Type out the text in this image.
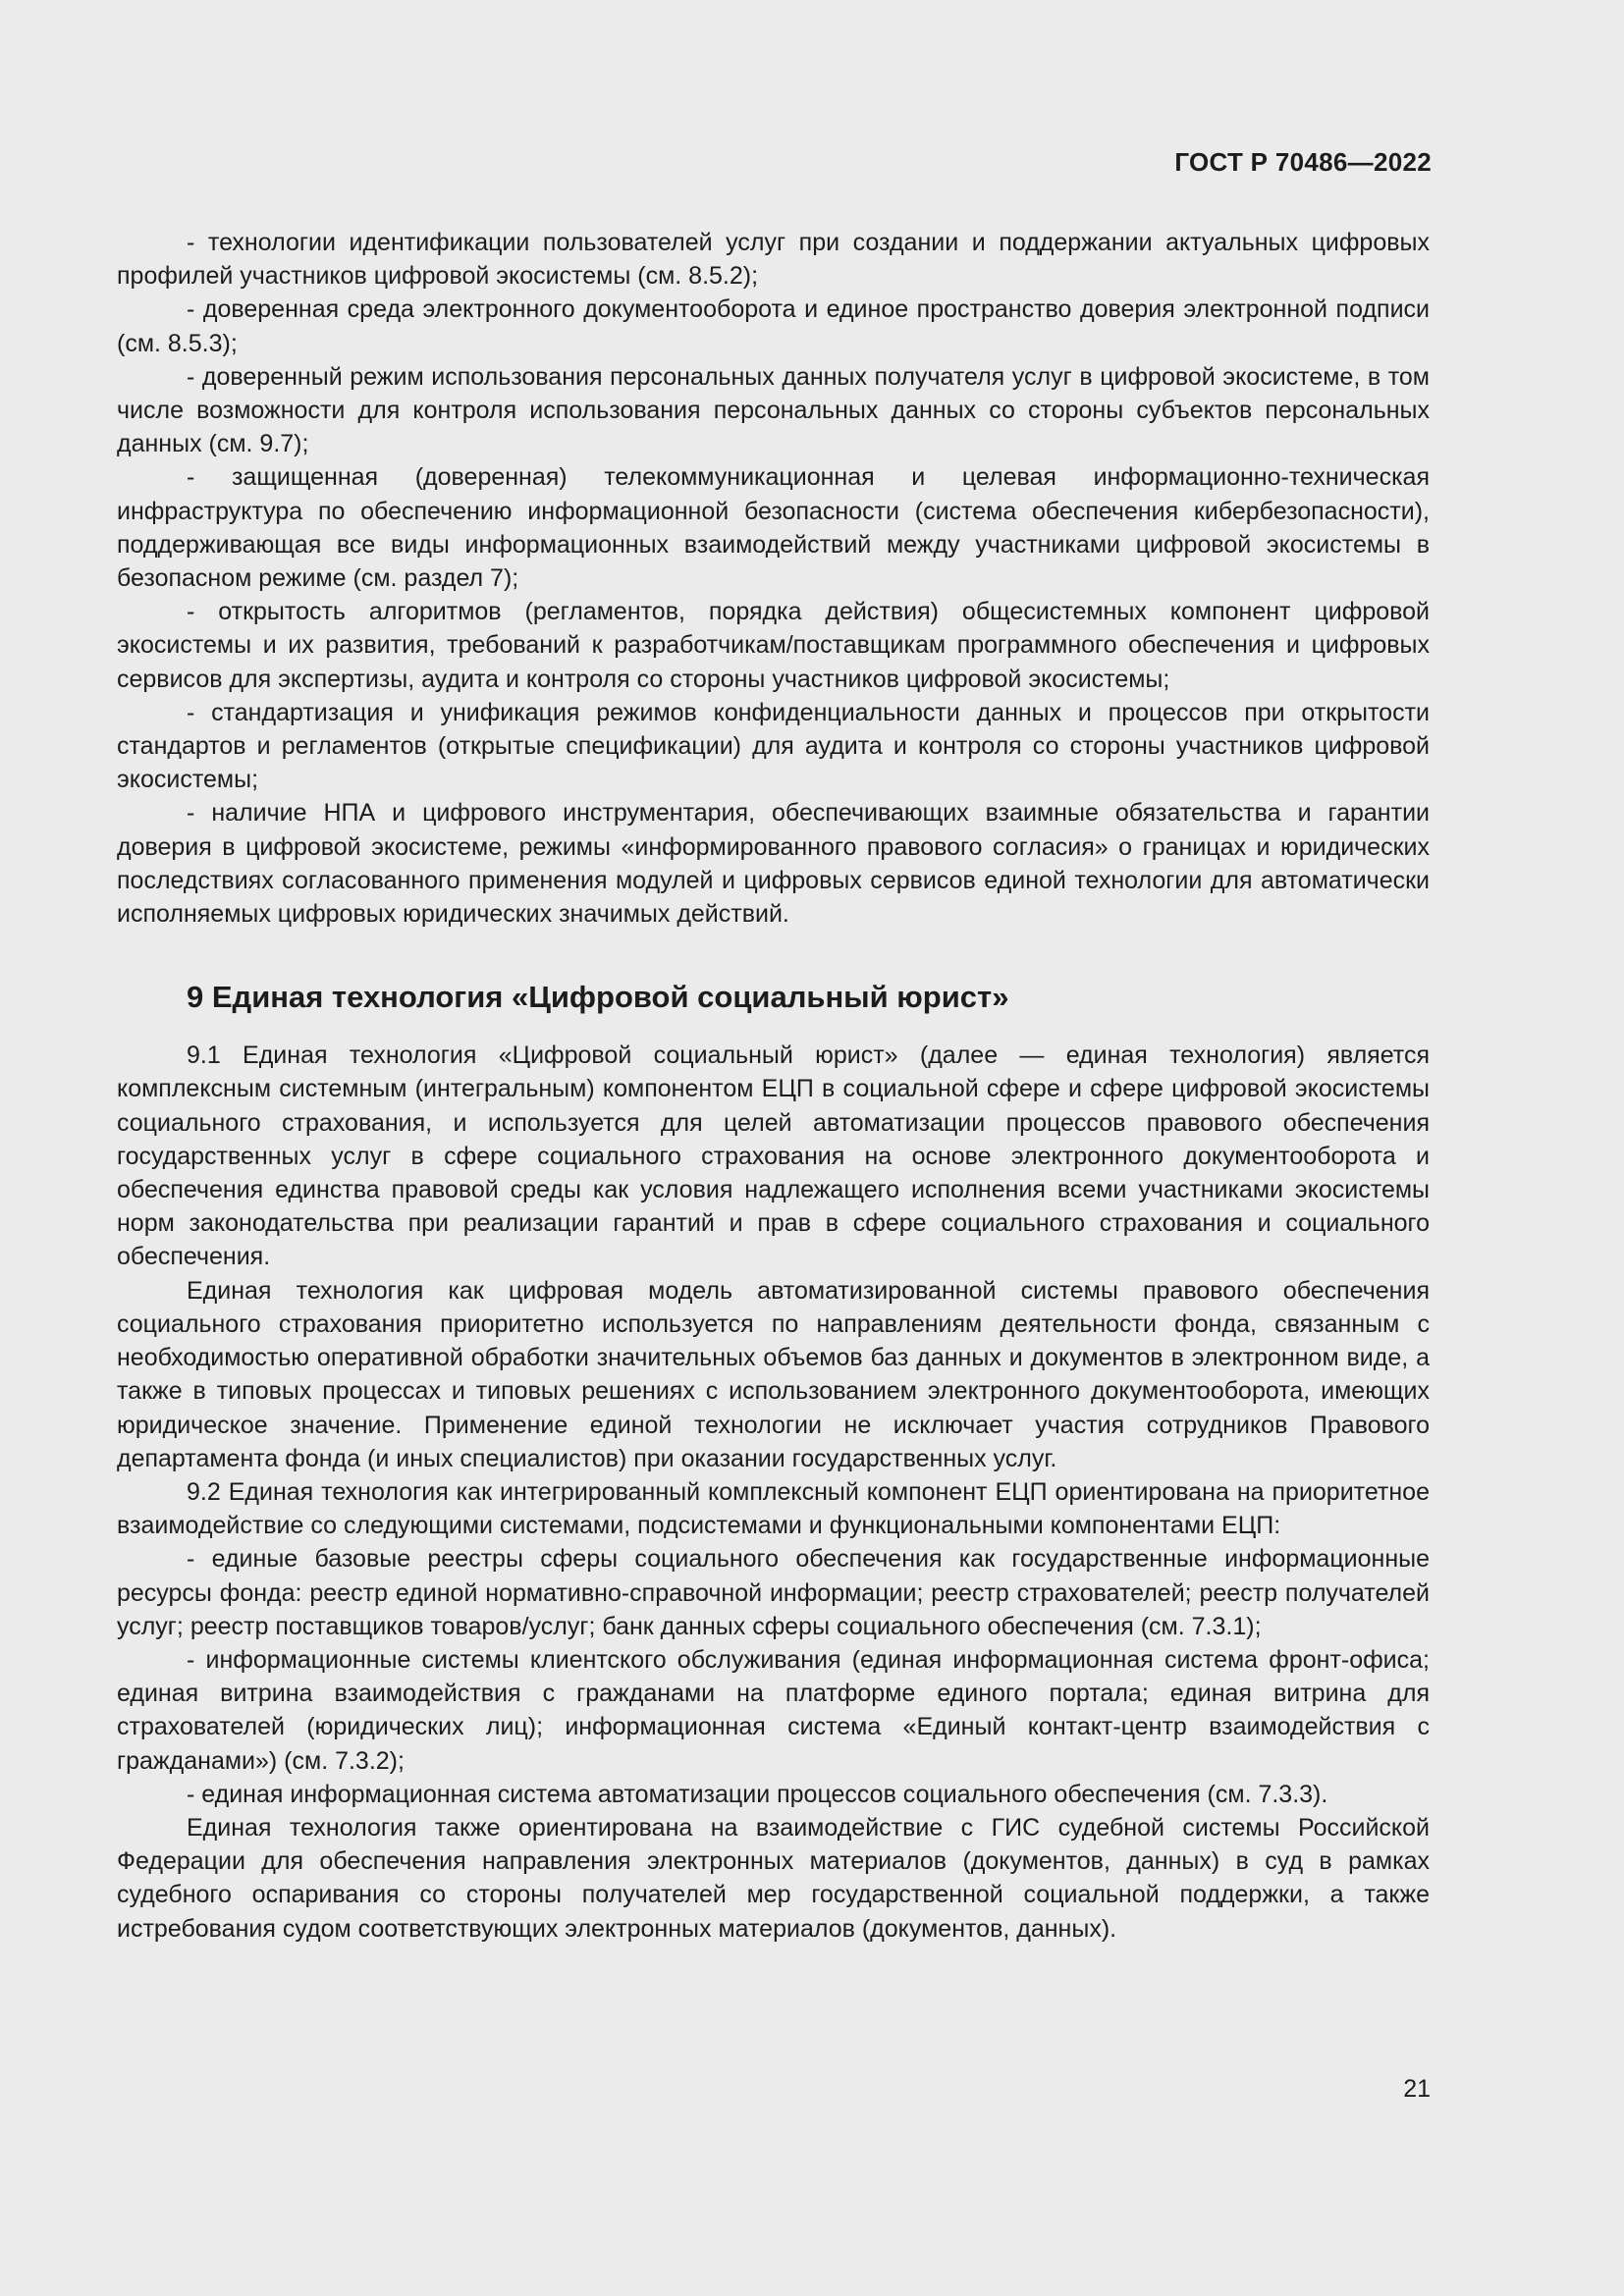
ГОСТ Р 70486—2022

- технологии идентификации пользователей услуг при создании и поддержании актуальных цифровых профилей участников цифровой экосистемы (см. 8.5.2);

- доверенная среда электронного документооборота и единое пространство доверия электронной подписи (см. 8.5.3);

- доверенный режим использования персональных данных получателя услуг в цифровой экосистеме, в том числе возможности для контроля использования персональных данных со стороны субъектов персональных данных (см. 9.7);

- защищенная (доверенная) телекоммуникационная и целевая информационно-техническая инфраструктура по обеспечению информационной безопасности (система обеспечения кибербезопасности), поддерживающая все виды информационных взаимодействий между участниками цифровой экосистемы в безопасном режиме (см. раздел 7);

- открытость алгоритмов (регламентов, порядка действия) общесистемных компонент цифровой экосистемы и их развития, требований к разработчикам/поставщикам программного обеспечения и цифровых сервисов для экспертизы, аудита и контроля со стороны участников цифровой экосистемы;

- стандартизация и унификация режимов конфиденциальности данных и процессов при открытости стандартов и регламентов (открытые спецификации) для аудита и контроля со стороны участников цифровой экосистемы;

- наличие НПА и цифрового инструментария, обеспечивающих взаимные обязательства и гарантии доверия в цифровой экосистеме, режимы «информированного правового согласия» о границах и юридических последствиях согласованного применения модулей и цифровых сервисов единой технологии для автоматически исполняемых цифровых юридических значимых действий.

9 Единая технология «Цифровой социальный юрист»

9.1 Единая технология «Цифровой социальный юрист» (далее — единая технология) является комплексным системным (интегральным) компонентом ЕЦП в социальной сфере и сфере цифровой экосистемы социального страхования, и используется для целей автоматизации процессов правового обеспечения государственных услуг в сфере социального страхования на основе электронного документооборота и обеспечения единства правовой среды как условия надлежащего исполнения всеми участниками экосистемы норм законодательства при реализации гарантий и прав в сфере социального страхования и социального обеспечения.

Единая технология как цифровая модель автоматизированной системы правового обеспечения социального страхования приоритетно используется по направлениям деятельности фонда, связанным с необходимостью оперативной обработки значительных объемов баз данных и документов в электронном виде, а также в типовых процессах и типовых решениях с использованием электронного документооборота, имеющих юридическое значение. Применение единой технологии не исключает участия сотрудников Правового департамента фонда (и иных специалистов) при оказании государственных услуг.

9.2 Единая технология как интегрированный комплексный компонент ЕЦП ориентирована на приоритетное взаимодействие со следующими системами, подсистемами и функциональными компонентами ЕЦП:

- единые базовые реестры сферы социального обеспечения как государственные информационные ресурсы фонда: реестр единой нормативно-справочной информации; реестр страхователей; реестр получателей услуг; реестр поставщиков товаров/услуг; банк данных сферы социального обеспечения (см. 7.3.1);

- информационные системы клиентского обслуживания (единая информационная система фронт-офиса; единая витрина взаимодействия с гражданами на платформе единого портала; единая витрина для страхователей (юридических лиц); информационная система «Единый контакт-центр взаимодействия с гражданами») (см. 7.3.2);

- единая информационная система автоматизации процессов социального обеспечения (см. 7.3.3).

Единая технология также ориентирована на взаимодействие с ГИС судебной системы Российской Федерации для обеспечения направления электронных материалов (документов, данных) в суд в рамках судебного оспаривания со стороны получателей мер государственной социальной поддержки, а также истребования судом соответствующих электронных материалов (документов, данных).

21
